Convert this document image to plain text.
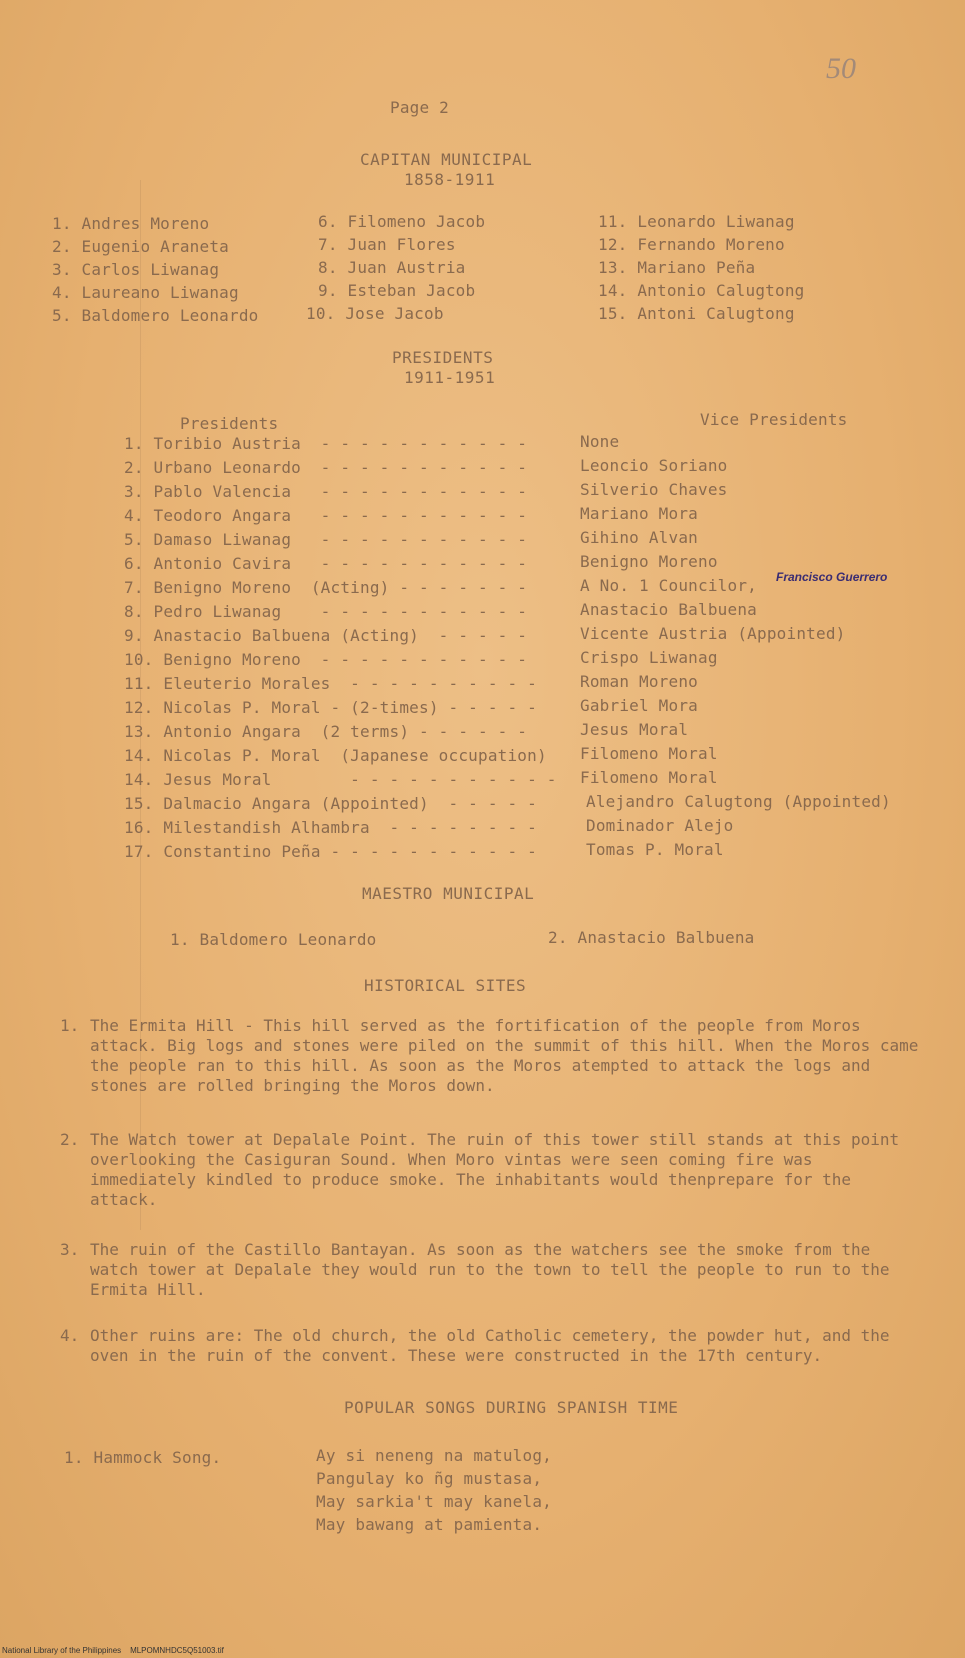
50
Page 2
CAPITAN MUNICIPAL
1858-1911
1. Andres Moreno
2. Eugenio Araneta
3. Carlos Liwanag
4. Laureano Liwanag
5. Baldomero Leonardo
6. Filomeno Jacob
7. Juan Flores
8. Juan Austria
9. Esteban Jacob
10. Jose Jacob
11. Leonardo Liwanag
12. Fernando Moreno
13. Mariano Peña
14. Antonio Calugtong
15. Antoni Calugtong
PRESIDENTS
1911-1951
Presidents	Vice Presidents
1. Toribio Austria  - - - - - - - - - - -	None
2. Urbano Leonardo  - - - - - - - - - - -	Leoncio Soriano
3. Pablo Valencia   - - - - - - - - - - -	Silverio Chaves
4. Teodoro Angara   - - - - - - - - - - -	Mariano Mora
5. Damaso Liwanag   - - - - - - - - - - -	Gihino Alvan
6. Antonio Cavira   - - - - - - - - - - -	Benigno Moreno
7. Benigno Moreno  (Acting) - - - - - - -	A No. 1 Councilor, Francisco Guerrero
8. Pedro Liwanag    - - - - - - - - - - -	Anastacio Balbuena
9. Anastacio Balbuena (Acting)  - - - - -	Vicente Austria (Appointed)
10. Benigno Moreno  - - - - - - - - - - -	Crispo Liwanag
11. Eleuterio Morales  - - - - - - - - - -	Roman Moreno
12. Nicolas P. Moral - (2-times) - - - - -	Gabriel Mora
13. Antonio Angara  (2 terms) - - - - - -	Jesus Moral
14. Nicolas P. Moral  (Japanese occupation) Filomeno Moral
14. Jesus Moral        - - - - - - - - - - - Filomeno Moral
15. Dalmacio Angara (Appointed)  - - - - -	Alejandro Calugtong (Appointed)
16. Milestandish Alhambra  - - - - - - - -	Dominador Alejo
17. Constantino Peña - - - - - - - - - - -	Tomas P. Moral
MAESTRO MUNICIPAL
1. Baldomero Leonardo	2. Anastacio Balbuena
HISTORICAL SITES
1. The Ermita Hill - This hill served as the fortification of the people from Moros attack. Big logs and stones were piled on the summit of this hill. When the Moros came the people ran to this hill. As soon as the Moros atempted to attack the logs and stones are rolled bringing the Moros down.
2. The Watch tower at Depalale Point. The ruin of this tower still stands at this point overlooking the Casiguran Sound. When Moro vintas were seen coming fire was immediately kindled to produce smoke. The inhabitants would thenprepare for the attack.
3. The ruin of the Castillo Bantayan. As soon as the watchers see the smoke from the watch tower at Depalale they would run to the town to tell the people to run to the Ermita Hill.
4. Other ruins are: The old church, the old Catholic cemetery, the powder hut, and the oven in the ruin of the convent. These were constructed in the 17th century.
POPULAR SONGS DURING SPANISH TIME
1. Hammock Song.	Ay si neneng na matulog,
Pangulay ko ñg mustasa,
May sarkia't may kanela,
May bawang at pamienta.
National Library of the Philippines    MLPOMNHDC5Q51003.tif
